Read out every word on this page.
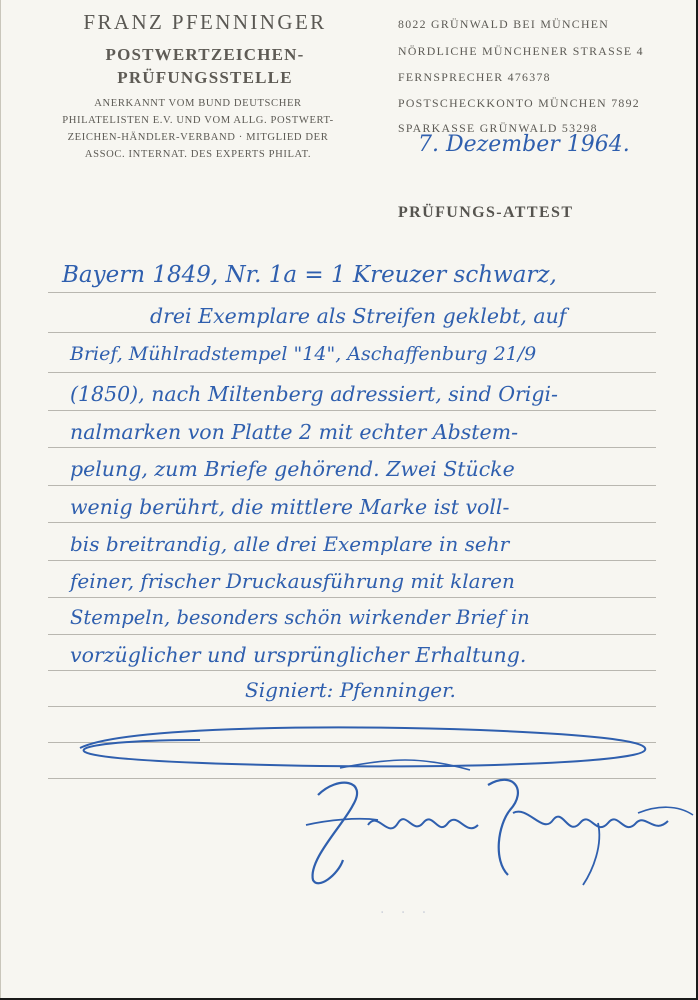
FRANZ PFENNINGER
POSTWERTZEICHEN-
PRÜFUNGSSTELLE
ANERKANNT VOM BUND DEUTSCHER
PHILATELISTEN E.V. UND VOM ALLG. POSTWERT-
ZEICHEN-HÄNDLER-VERBAND · MITGLIED DER
ASSOC. INTERNAT. DES EXPERTS PHILAT.
8022 GRÜNWALD BEI MÜNCHEN
NÖRDLICHE MÜNCHENER STRASSE 4
FERNSPRECHER 476378
POSTSCHECKKONTO MÜNCHEN 7892
SPARKASSE GRÜNWALD 53298
7. Dezember 1964.
PRÜFUNGS-ATTEST
Bayern 1849, Nr. 1a = 1 Kreuzer schwarz,
drei Exemplare als Streifen geklebt, auf
Brief, Mühlradstempel "14", Aschaffenburg 21/9
(1850), nach Miltenberg adressiert, sind Origi-
nalmarken von Platte 2 mit echter Abstem-
pelung, zum Briefe gehörend. Zwei Stücke
wenig berührt, die mittlere Marke ist voll-
bis breitrandig, alle drei Exemplare in sehr
feiner, frischer Druckausführung mit klaren
Stempeln, besonders schön wirkender Brief in
vorzüglicher und ursprünglicher Erhaltung.
Signiert: Pfenninger.
· · ·
